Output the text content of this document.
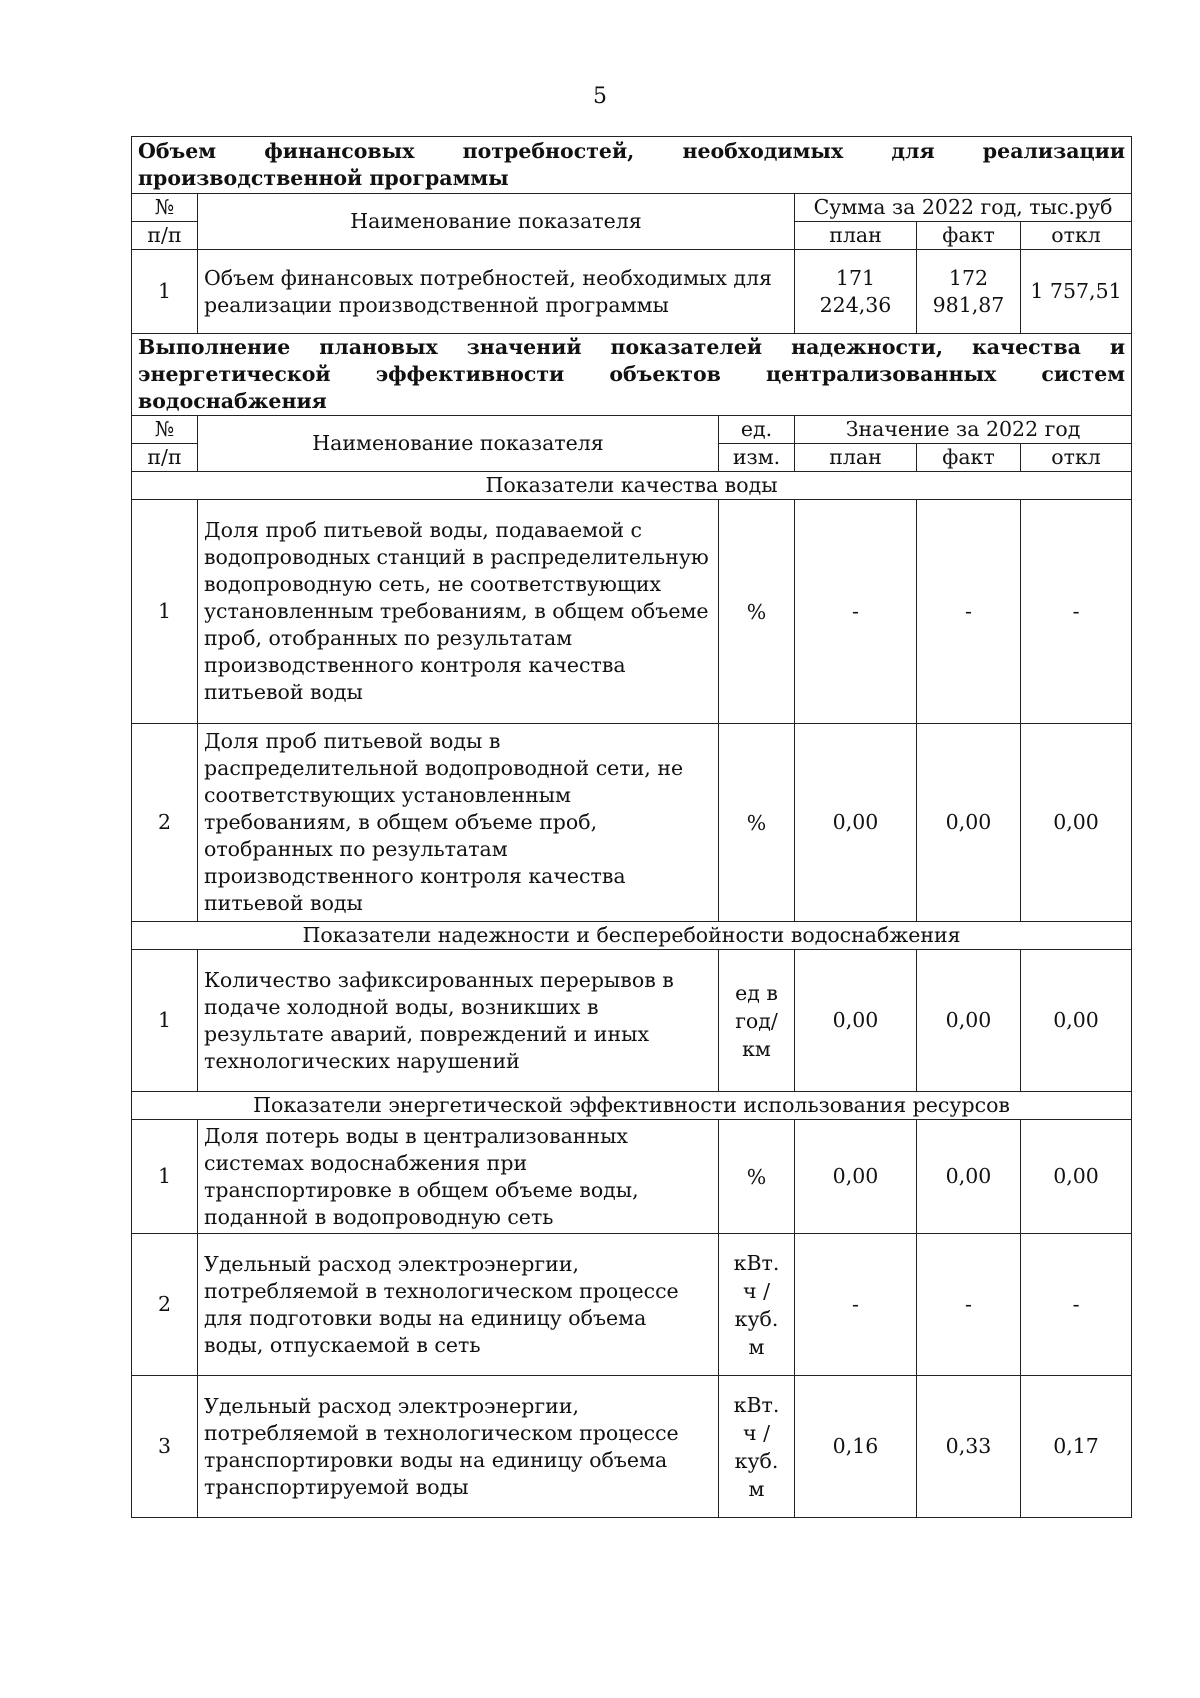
5
Объем финансовых потребностей, необходимых для реализации производственной программы					
№	Наименование показателя		Сумма за 2022 год, тыс.руб		
п/п			план	факт	откл
1	Объем финансовых потребностей, необходимых для реализации производственной программы		171 224,36	172 981,87	1 757,51
Выполнение плановых значений показателей надежности, качества и энергетической эффективности объектов централизованных систем водоснабжения					
№	Наименование показателя	ед.	Значение за 2022 год		
п/п		изм.	план	факт	откл
Показатели качества воды					
1	Доля проб питьевой воды, подаваемой с водопроводных станций в распределительную водопроводную сеть, не соответствующих установленным требованиям, в общем объеме проб, отобранных по результатам производственного контроля качества питьевой воды	%	-	-	-
2	Доля проб питьевой воды в распределительной водопроводной сети, не соответствующих установленным требованиям, в общем объеме проб, отобранных по результатам производственного контроля качества питьевой воды	%	0,00	0,00	0,00
Показатели надежности и бесперебойности водоснабжения					
1	Количество зафиксированных перерывов в подаче холодной воды, возникших в результате аварий, повреждений и иных технологических нарушений	ед в год/ км	0,00	0,00	0,00
Показатели энергетической эффективности использования ресурсов					
1	Доля потерь воды в централизованных системах водоснабжения при транспортировке в общем объеме воды, поданной в водопроводную сеть	%	0,00	0,00	0,00
2	Удельный расход электроэнергии, потребляемой в технологическом процессе для подготовки воды на единицу объема воды, отпускаемой в сеть	кВт. ч / куб. м	-	-	-
3	Удельный расход электроэнергии, потребляемой в технологическом процессе транспортировки воды на единицу объема транспортируемой воды	кВт. ч / куб. м	0,16	0,33	0,17
